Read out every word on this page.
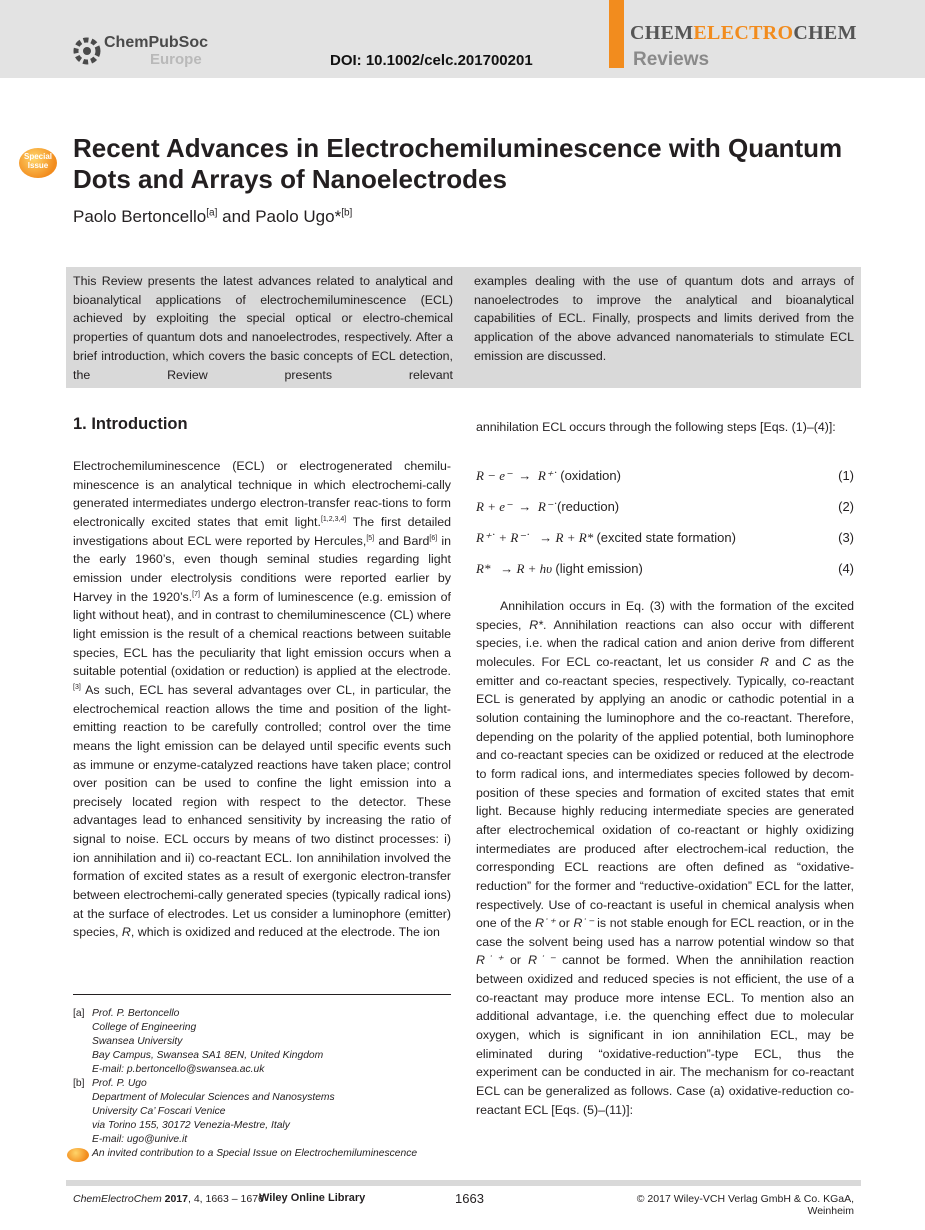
ChemPubSoc
Europe	DOI: 10.1002/celc.201700201
CHEMELECTROCHEM
Reviews
Special
Issue
Recent Advances in Electrochemiluminescence with Quantum Dots and Arrays of Nanoelectrodes
Paolo Bertoncello[a] and Paolo Ugo*[b]
This Review presents the latest advances related to analytical and bioanalytical applications of electrochemiluminescence (ECL) achieved by exploiting the special optical or electro-chemical properties of quantum dots and nanoelectrodes, respectively. After a brief introduction, which covers the basic concepts of ECL detection, the Review presents relevant
examples dealing with the use of quantum dots and arrays of nanoelectrodes to improve the analytical and bioanalytical capabilities of ECL. Finally, prospects and limits derived from the application of the above advanced nanomaterials to stimulate ECL emission are discussed.
1. Introduction

Electrochemiluminescence (ECL) or electrogenerated chemilu-minescence is an analytical technique in which electrochemi-cally generated intermediates undergo electron-transfer reac-tions to form electronically excited states that emit light.[1,2,3,4] The first detailed investigations about ECL were reported by Hercules,[5] and Bard[6] in the early 1960’s, even though seminal studies regarding light emission under electrolysis conditions were reported earlier by Harvey in the 1920’s.[7] As a form of luminescence (e.g. emission of light without heat), and in contrast to chemiluminescence (CL) where light emission is the result of a chemical reactions between suitable species, ECL has the peculiarity that light emission occurs when a suitable potential (oxidation or reduction) is applied at the electrode.[3] As such, ECL has several advantages over CL, in particular, the electrochemical reaction allows the time and position of the light-emitting reaction to be carefully controlled; control over the time means the light emission can be delayed until specific events such as immune or enzyme-catalyzed reactions have taken place; control over position can be used to confine the light emission into a precisely located region with respect to the detector. These advantages lead to enhanced sensitivity by increasing the ratio of signal to noise. ECL occurs by means of two distinct processes: i) ion annihilation and ii) co-reactant ECL. Ion annihilation involved the formation of excited states as a result of exergonic electron-transfer between electrochemi-cally generated species (typically radical ions) at the surface of electrodes. Let us consider a luminophore (emitter) species, R, which is oxidized and reduced at the electrode. The ion

annihilation ECL occurs through the following steps [Eqs. (1)–(4)]:

R − e⁻ → R⁺˙ (oxidation)	(1)
R + e⁻ → R⁻˙(reduction)	(2)
R⁺˙ + R⁻˙ → R + R* (excited state formation)	(3)
R* → R + hυ (light emission)	(4)

Annihilation occurs in Eq. (3) with the formation of the excited species, R*. Annihilation reactions can also occur with different species, i.e. when the radical cation and anion derive from different molecules. For ECL co-reactant, let us consider R and C as the emitter and co-reactant species, respectively. Typically, co-reactant ECL is generated by applying an anodic or cathodic potential in a solution containing the luminophore and the co-reactant. Therefore, depending on the polarity of the applied potential, both luminophore and co-reactant species can be oxidized or reduced at the electrode to form radical ions, and intermediates species followed by decom-position of these species and formation of excited states that emit light. Because highly reducing intermediate species are generated after electrochemical oxidation of co-reactant or highly oxidizing intermediates are produced after electrochem-ical reduction, the corresponding ECL reactions are often defined as “oxidative-reduction” for the former and “reductive-oxidation” ECL for the latter, respectively. Use of co-reactant is useful in chemical analysis when one of the R˙⁺ or R˙⁻ is not stable enough for ECL reaction, or in the case the solvent being used has a narrow potential window so that R˙⁺ or R˙⁻ cannot be formed. When the annihilation reaction between oxidized and reduced species is not efficient, the use of a co-reactant may produce more intense ECL. To mention also an additional advantage, i.e. the quenching effect due to molecular oxygen, which is significant in ion annihilation ECL, may be eliminated during “oxidative-reduction”-type ECL, thus the experiment can be conducted in air. The mechanism for co-reactant ECL can be generalized as follows. Case (a) oxidative-reduction co-reactant ECL [Eqs. (5)–(11)]:

[a] Prof. P. Bertoncello
College of Engineering
Swansea University
Bay Campus, Swansea SA1 8EN, United Kingdom
E-mail: p.bertoncello@swansea.ac.uk
[b] Prof. P. Ugo
Department of Molecular Sciences and Nanosystems
University Ca’ Foscari Venice
via Torino 155, 30172 Venezia-Mestre, Italy
E-mail: ugo@unive.it
An invited contribution to a Special Issue on Electrochemiluminescence
ChemElectroChem 2017, 4, 1663 – 1676
Wiley Online Library	1663	© 2017 Wiley-VCH Verlag GmbH & Co. KGaA, Weinheim
